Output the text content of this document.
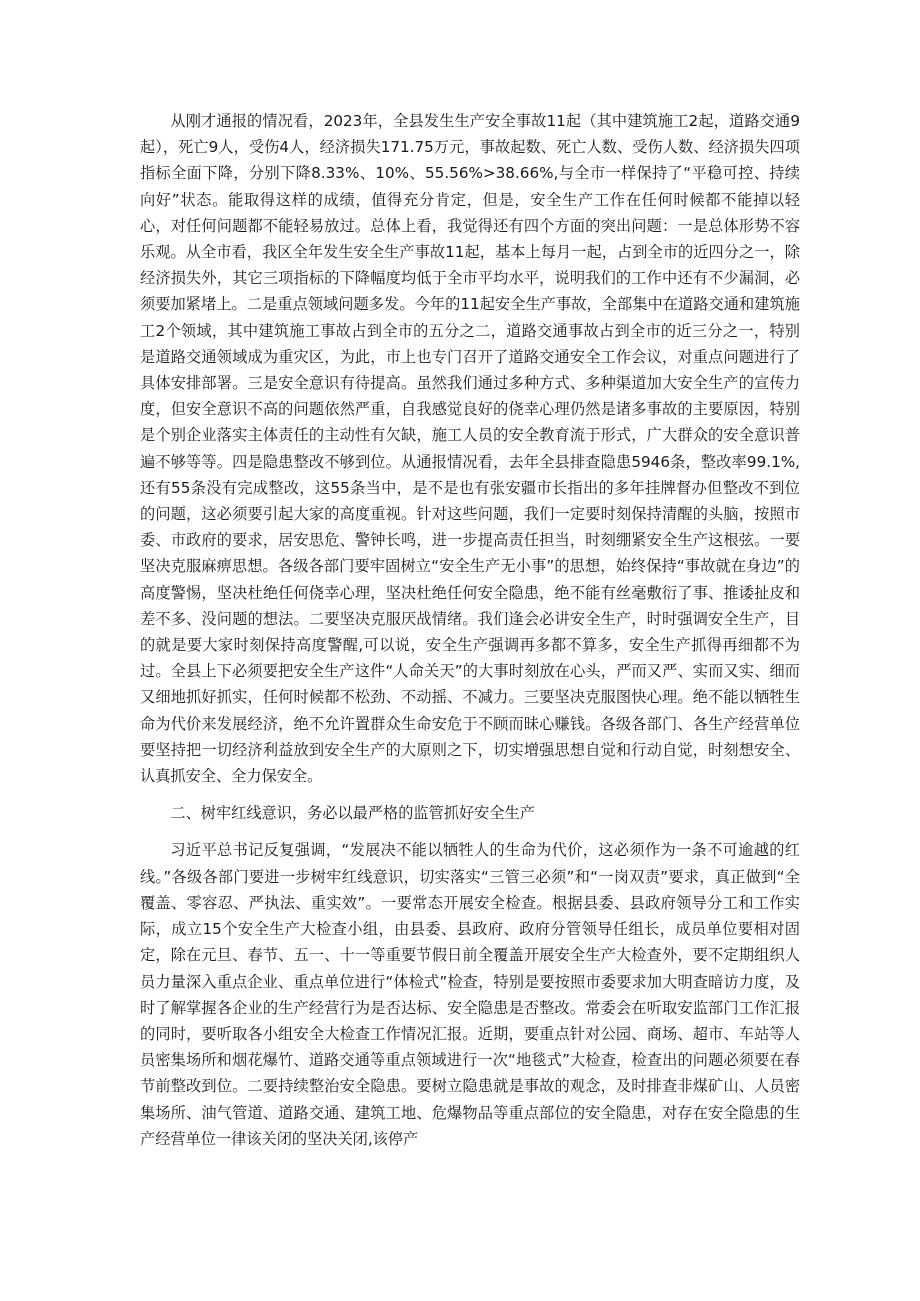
从刚才通报的情况看，2023年，全县发生生产安全事故11起（其中建筑施工2起，道路交通9起），死亡9人，受伤4人，经济损失171.75万元，事故起数、死亡人数、受伤人数、经济损失四项指标全面下降，分别下降8.33%、10%、55.56%>38.66%,与全市一样保持了“平稳可控、持续向好”状态。能取得这样的成绩，值得充分肯定，但是，安全生产工作在任何时候都不能掉以轻心，对任何问题都不能轻易放过。总体上看，我觉得还有四个方面的突出问题：一是总体形势不容乐观。从全市看，我区全年发生安全生产事故11起，基本上每月一起，占到全市的近四分之一，除经济损失外，其它三项指标的下降幅度均低于全市平均水平，说明我们的工作中还有不少漏洞，必须要加紧堵上。二是重点领域问题多发。今年的11起安全生产事故，全部集中在道路交通和建筑施工2个领域，其中建筑施工事故占到全市的五分之二，道路交通事故占到全市的近三分之一，特别是道路交通领域成为重灾区，为此，市上也专门召开了道路交通安全工作会议，对重点问题进行了具体安排部署。三是安全意识有待提高。虽然我们通过多种方式、多种渠道加大安全生产的宣传力度，但安全意识不高的问题依然严重，自我感觉良好的侥幸心理仍然是诸多事故的主要原因，特别是个别企业落实主体责任的主动性有欠缺，施工人员的安全教育流于形式，广大群众的安全意识普遍不够等等。四是隐患整改不够到位。从通报情况看，去年全县排查隐患5946条，整改率99.1%,还有55条没有完成整改，这55条当中，是不是也有张安疆市长指出的多年挂牌督办但整改不到位的问题，这必须要引起大家的高度重视。针对这些问题，我们一定要时刻保持清醒的头脑，按照市委、市政府的要求，居安思危、警钟长鸣，进一步提高责任担当，时刻绷紧安全生产这根弦。一要坚决克服麻痹思想。各级各部门要牢固树立“安全生产无小事”的思想，始终保持“事故就在身边”的高度警惕，坚决杜绝任何侥幸心理，坚决杜绝任何安全隐患，绝不能有丝毫敷衍了事、推诿扯皮和差不多、没问题的想法。二要坚决克服厌战情绪。我们逢会必讲安全生产，时时强调安全生产，目的就是要大家时刻保持高度警醒,可以说，安全生产强调再多都不算多，安全生产抓得再细都不为过。全县上下必须要把安全生产这件“人命关天”的大事时刻放在心头，严而又严、实而又实、细而又细地抓好抓实，任何时候都不松劲、不动摇、不减力。三要坚决克服图快心理。绝不能以牺牲生命为代价来发展经济，绝不允许置群众生命安危于不顾而昧心赚钱。各级各部门、各生产经营单位要坚持把一切经济利益放到安全生产的大原则之下，切实增强思想自觉和行动自觉，时刻想安全、认真抓安全、全力保安全。

二、树牢红线意识，务必以最严格的监管抓好安全生产

习近平总书记反复强调，“发展决不能以牺牲人的生命为代价，这必须作为一条不可逾越的红线。”各级各部门要进一步树牢红线意识，切实落实“三管三必须”和“一岗双责”要求，真正做到“全覆盖、零容忍、严执法、重实效”。一要常态开展安全检查。根据县委、县政府领导分工和工作实际，成立15个安全生产大检查小组，由县委、县政府、政府分管领导任组长，成员单位要相对固定，除在元旦、春节、五一、十一等重要节假日前全覆盖开展安全生产大检查外，要不定期组织人员力量深入重点企业、重点单位进行“体检式”检查，特别是要按照市委要求加大明查暗访力度，及时了解掌握各企业的生产经营行为是否达标、安全隐患是否整改。常委会在听取安监部门工作汇报的同时，要听取各小组安全大检查工作情况汇报。近期，要重点针对公园、商场、超市、车站等人员密集场所和烟花爆竹、道路交通等重点领域进行一次“地毯式”大检查，检查出的问题必须要在春节前整改到位。二要持续整治安全隐患。要树立隐患就是事故的观念，及时排查非煤矿山、人员密集场所、油气管道、道路交通、建筑工地、危爆物品等重点部位的安全隐患，对存在安全隐患的生产经营单位一律该关闭的坚决关闭,该停产
